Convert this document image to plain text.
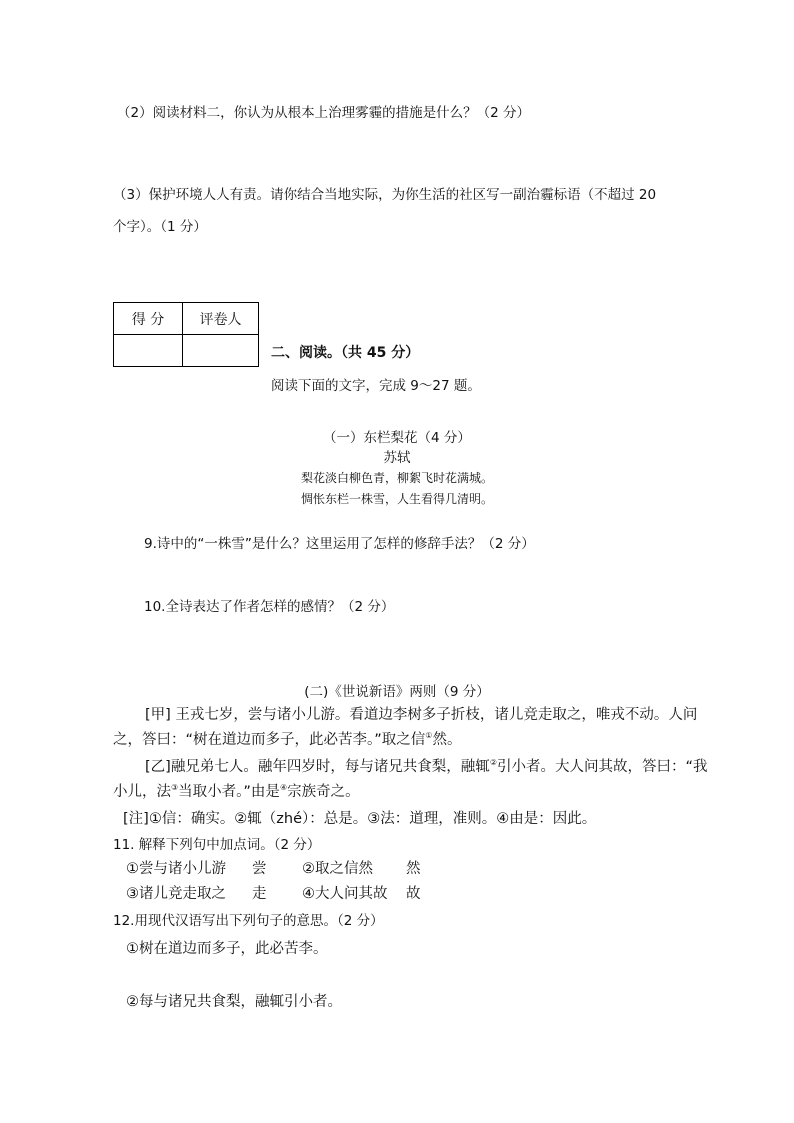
（2）阅读材料二，你认为从根本上治理雾霾的措施是什么？（2 分）
（3）保护环境人人有责。请你结合当地实际，为你生活的社区写一副治霾标语（不超过 20
个字）。（1 分）
得 分	评卷人

二、阅读。（共 45 分）
阅读下面的文字，完成 9～27 题。
（一）东栏梨花（4 分）
苏轼
梨花淡白柳色青，柳絮飞时花满城。
惆怅东栏一株雪，人生看得几清明。
9.诗中的“一株雪”是什么？这里运用了怎样的修辞手法？（2 分）
10.全诗表达了作者怎样的感情？（2 分）
(二)《世说新语》两则（9 分）
[甲] 王戎七岁，尝与诸小儿游。看道边李树多子折枝，诸儿竞走取之，唯戎不动。人问
之，答曰：“树在道边而多子，此必苦李。”取之信①然。
[乙]融兄弟七人。融年四岁时，每与诸兄共食梨，融辄②引小者。大人问其故，答曰：“我
小儿，法③当取小者。”由是④宗族奇之。
[注]①信：确实。②辄（zhé）：总是。③法：道理，准则。④由是：因此。
11. 解释下列句中加点词。（2 分）
①尝与诸小儿游 尝 ②取之信然 然
③诸儿竞走取之 走 ④大人问其故 故
12.用现代汉语写出下列句子的意思。（2 分）
①树在道边而多子，此必苦李。
②每与诸兄共食梨，融辄引小者。
